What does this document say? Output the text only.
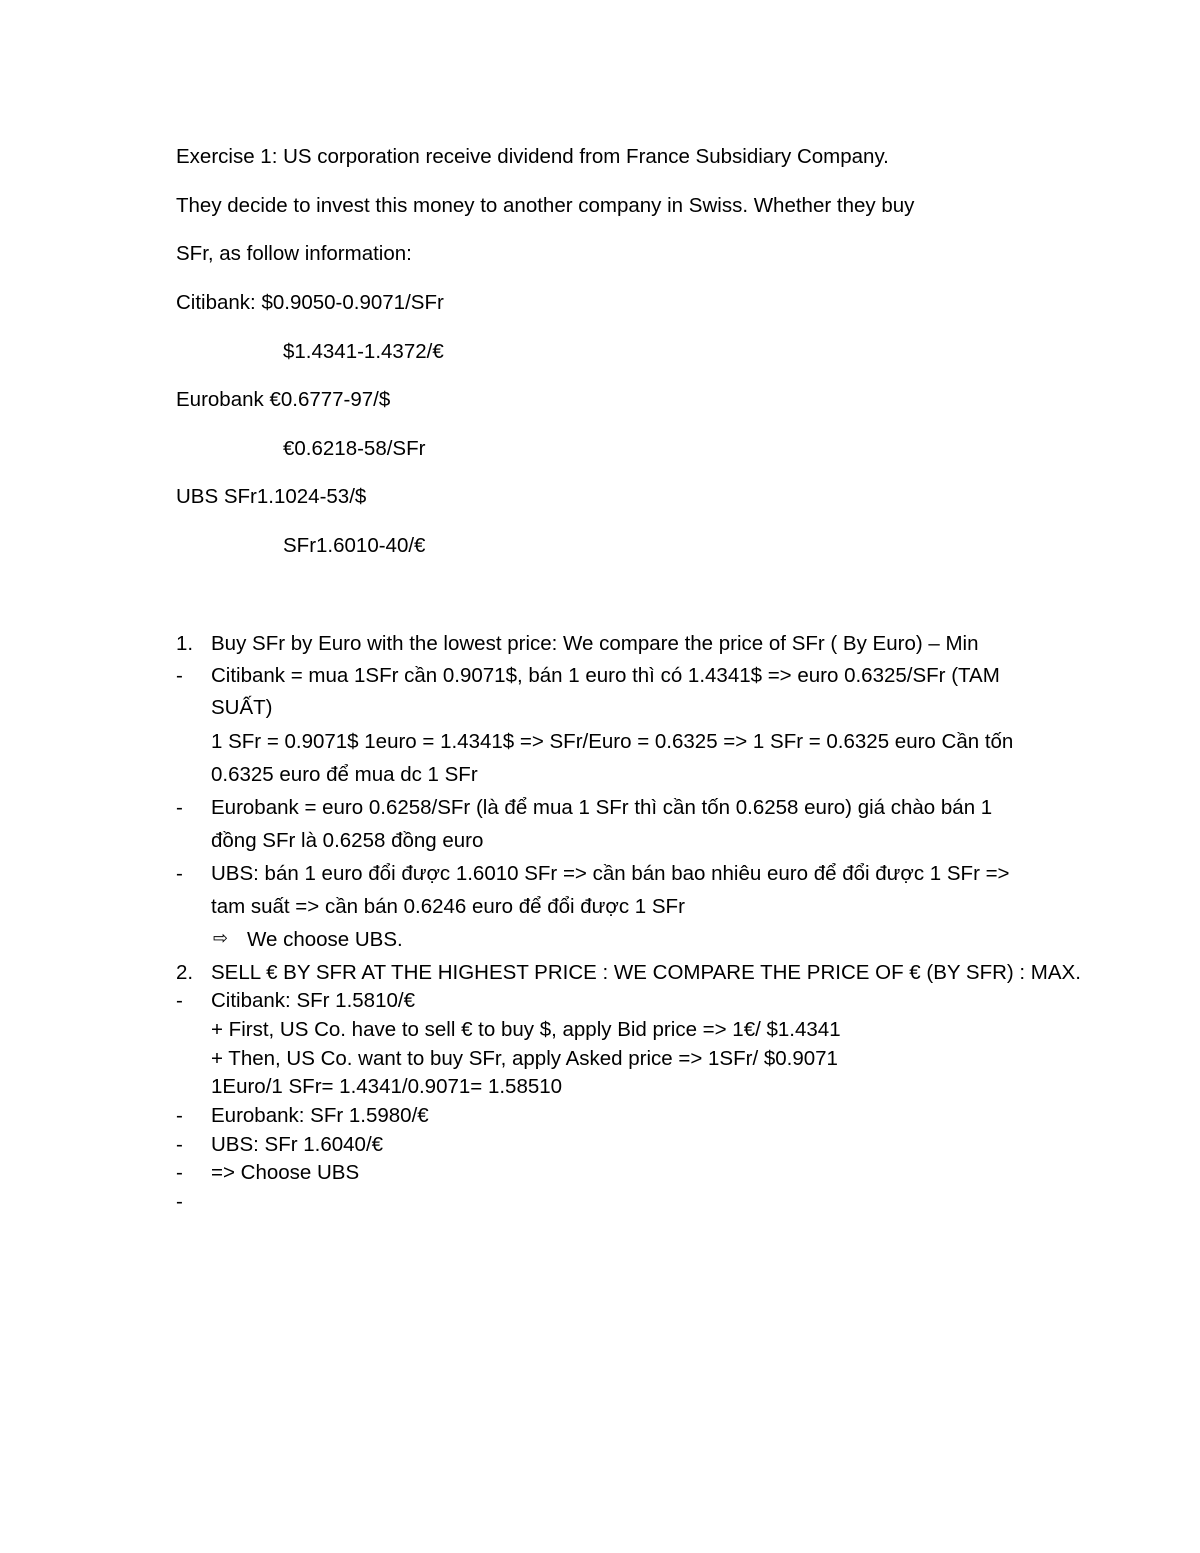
Exercise 1: US corporation receive dividend from France Subsidiary Company.
They decide to invest this money to another company in Swiss. Whether they buy
SFr, as follow information:
Citibank: $0.9050-0.9071/SFr
$1.4341-1.4372/€
Eurobank €0.6777-97/$
€0.6218-58/SFr
UBS SFr1.1024-53/$
SFr1.6010-40/€
1. Buy SFr by Euro with the lowest price: We compare the price of SFr ( By Euro) – Min
- Citibank = mua 1SFr cần 0.9071$, bán 1 euro thì có 1.4341$ => euro 0.6325/SFr (TAM
SUẤT)
1 SFr = 0.9071$ 1euro = 1.4341$ => SFr/Euro = 0.6325 => 1 SFr = 0.6325 euro Cần tốn
0.6325 euro để mua dc 1 SFr
- Eurobank = euro 0.6258/SFr (là để mua 1 SFr thì cần tốn 0.6258 euro) giá chào bán 1
đồng SFr là 0.6258 đồng euro
- UBS: bán 1 euro đổi được 1.6010 SFr => cần bán bao nhiêu euro để đổi được 1 SFr =>
tam suất => cần bán 0.6246 euro để đổi được 1 SFr
⇨ We choose UBS.
2. SELL € BY SFR AT THE HIGHEST PRICE : WE COMPARE THE PRICE OF € (BY SFR) : MAX.
- Citibank: SFr 1.5810/€
+ First, US Co. have to sell € to buy $, apply Bid price => 1€/ $1.4341
+ Then, US Co. want to buy SFr, apply Asked price => 1SFr/ $0.9071
1Euro/1 SFr= 1.4341/0.9071= 1.58510
- Eurobank: SFr 1.5980/€
- UBS: SFr 1.6040/€
- => Choose UBS
-
